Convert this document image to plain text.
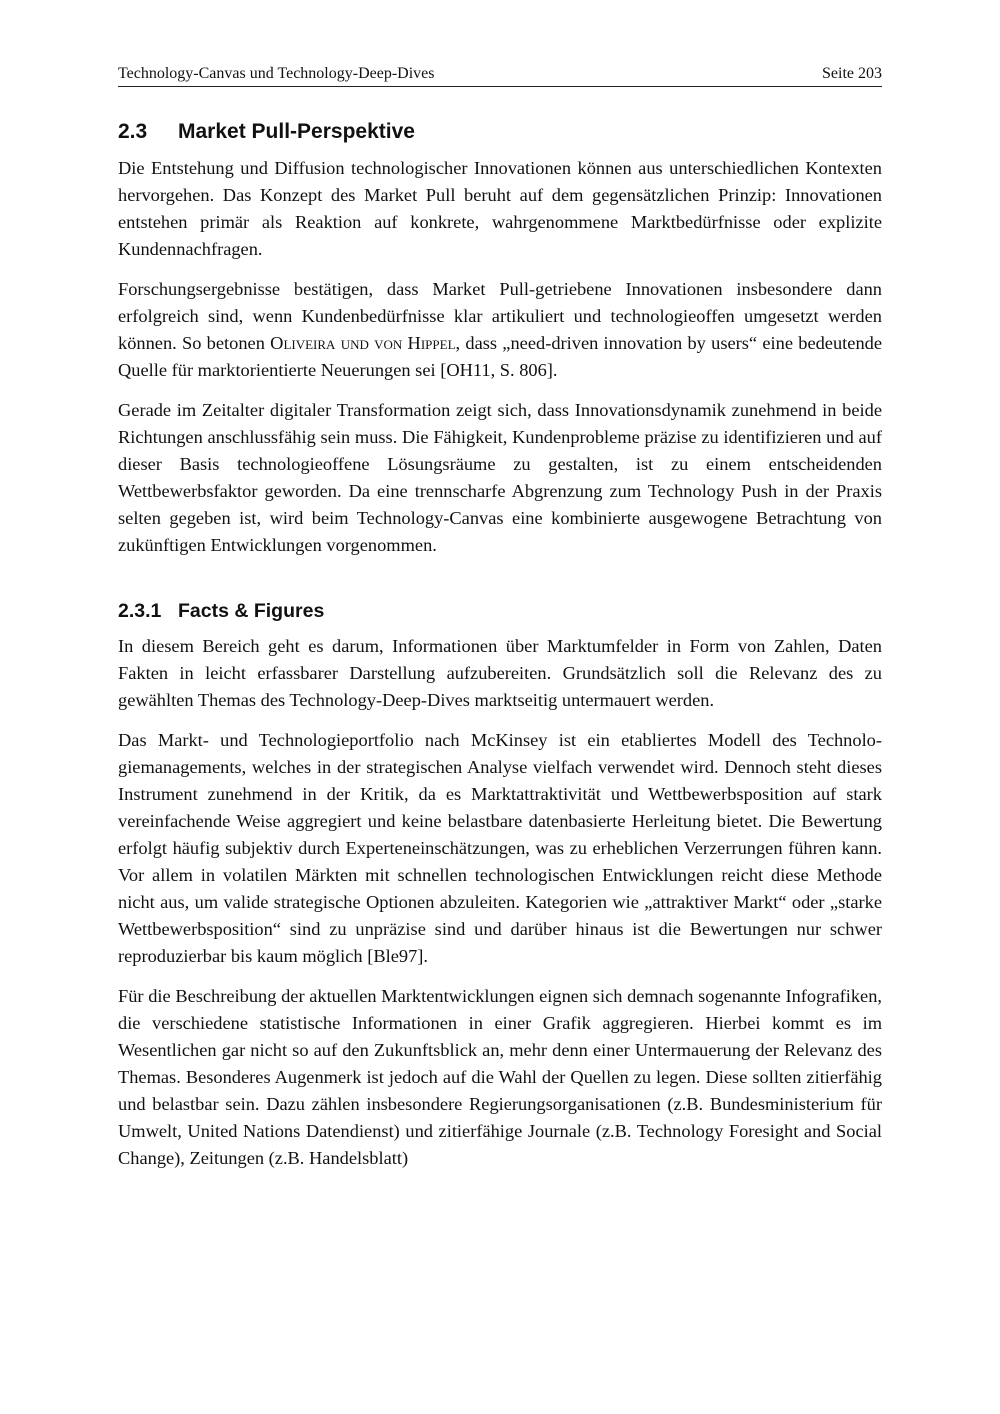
Technology-Canvas und Technology-Deep-Dives	Seite 203
2.3	Market Pull-Perspektive

Die Entstehung und Diffusion technologischer Innovationen können aus unterschiedlichen Kontexten hervorgehen. Das Konzept des Market Pull beruht auf dem gegensätzlichen Prinzip: Innovationen entstehen primär als Reaktion auf konkrete, wahrgenommene Marktbedürfnisse oder explizite Kundennachfragen.

Forschungsergebnisse bestätigen, dass Market Pull-getriebene Innovationen insbesondere dann erfolgreich sind, wenn Kundenbedürfnisse klar artikuliert und technologieoffen umgesetzt werden können. So betonen Oliveira und von Hippel, dass „need-driven innovation by users“ eine bedeutende Quelle für marktorientierte Neuerungen sei [OH11, S. 806].

Gerade im Zeitalter digitaler Transformation zeigt sich, dass Innovationsdynamik zunehmend in beide Richtungen anschlussfähig sein muss. Die Fähigkeit, Kundenprobleme präzise zu identifizieren und auf dieser Basis technologieoffene Lösungsräume zu gestalten, ist zu einem entscheidenden Wettbewerbsfaktor geworden. Da eine trennscharfe Abgrenzung zum Technology Push in der Praxis selten gegeben ist, wird beim Technology-Canvas eine kombinierte ausgewogene Betrachtung von zukünftigen Entwicklungen vorgenommen.

2.3.1 Facts & Figures

In diesem Bereich geht es darum, Informationen über Marktumfelder in Form von Zahlen, Daten Fakten in leicht erfassbarer Darstellung aufzubereiten. Grundsätzlich soll die Relevanz des zu gewählten Themas des Technology-Deep-Dives marktseitig untermauert werden.

Das Markt- und Technologieportfolio nach McKinsey ist ein etabliertes Modell des Technologiemanagements, welches in der strategischen Analyse vielfach verwendet wird. Dennoch steht dieses Instrument zunehmend in der Kritik, da es Marktattraktivität und Wettbewerbsposition auf stark vereinfachende Weise aggregiert und keine belastbare datenbasierte Herleitung bietet. Die Bewertung erfolgt häufig subjektiv durch Experteneinschätzungen, was zu erheblichen Verzerrungen führen kann. Vor allem in volatilen Märkten mit schnellen technologischen Entwicklungen reicht diese Methode nicht aus, um valide strategische Optionen abzuleiten. Kategorien wie „attraktiver Markt“ oder „starke Wettbewerbsposition“ sind zu unpräzise sind und darüber hinaus ist die Bewertungen nur schwer reproduzierbar bis kaum möglich [Ble97].

Für die Beschreibung der aktuellen Marktentwicklungen eignen sich demnach sogenannte Infografiken, die verschiedene statistische Informationen in einer Grafik aggregieren. Hierbei kommt es im Wesentlichen gar nicht so auf den Zukunftsblick an, mehr denn einer Untermauerung der Relevanz des Themas. Besonderes Augenmerk ist jedoch auf die Wahl der Quellen zu legen. Diese sollten zitierfähig und belastbar sein. Dazu zählen insbesondere Regierungsorganisationen (z.B. Bundesministerium für Umwelt, United Nations Datendienst) und zitierfähige Journale (z.B. Technology Foresight and Social Change), Zeitungen (z.B. Handelsblatt)
